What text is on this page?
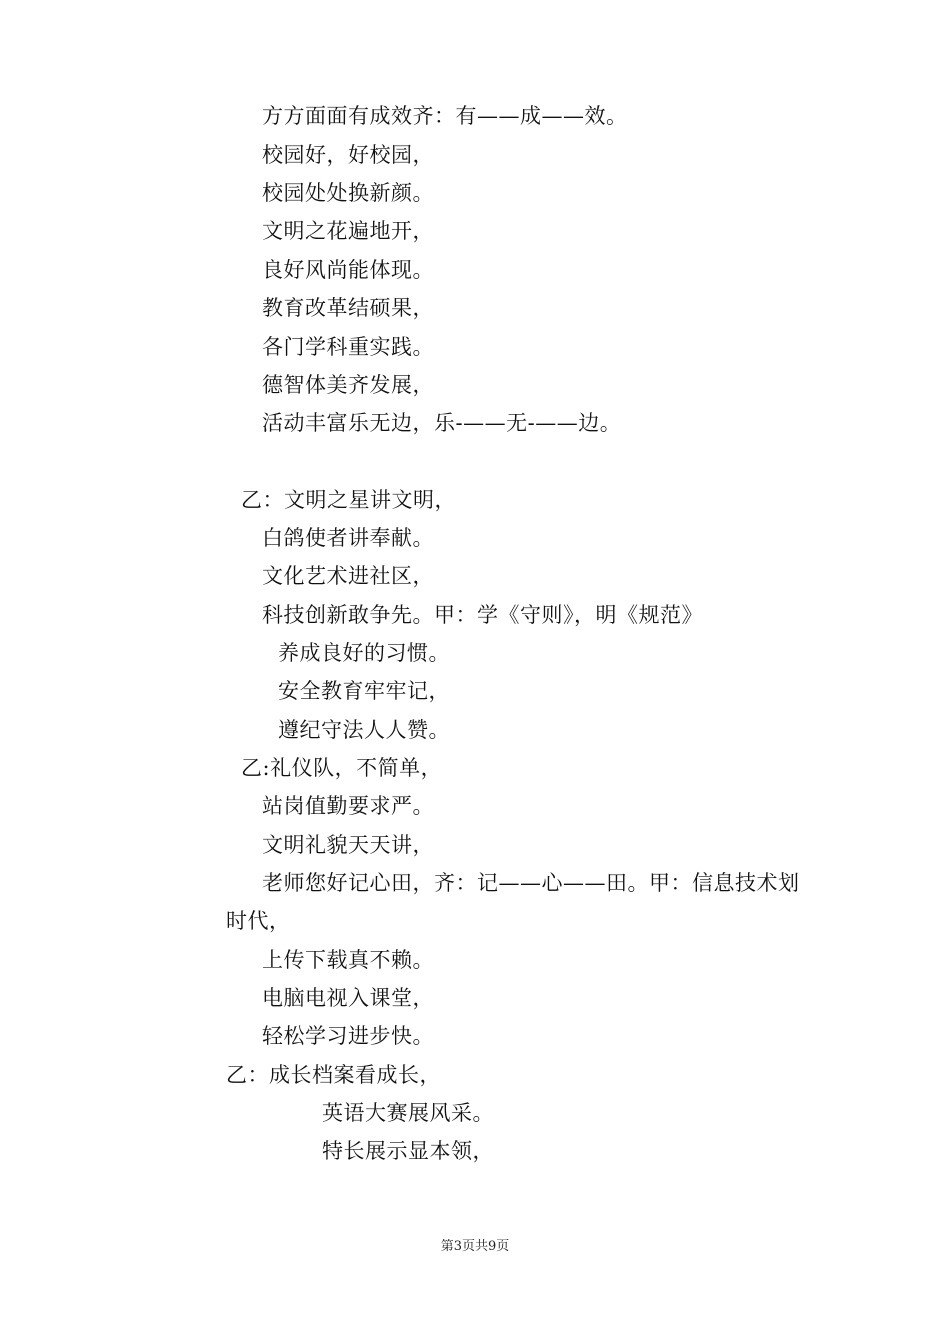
方方面面有成效齐：有——成——效。
校园好，好校园，
校园处处换新颜。
文明之花遍地开，
良好风尚能体现。
教育改革结硕果，
各门学科重实践。
德智体美齐发展，
活动丰富乐无边，乐-——无-——边。
乙：文明之星讲文明，
白鸽使者讲奉献。
文化艺术进社区，
科技创新敢争先。甲：学《守则》，明《规范》
养成良好的习惯。
安全教育牢牢记，
遵纪守法人人赞。
乙:礼仪队，不简单，
站岗值勤要求严。
文明礼貌天天讲，
老师您好记心田，齐：记——心——田。甲：信息技术划
时代，
上传下载真不赖。
电脑电视入课堂，
轻松学习进步快。
乙：成长档案看成长，
英语大赛展风采。
特长展示显本领，
第3页共9页
